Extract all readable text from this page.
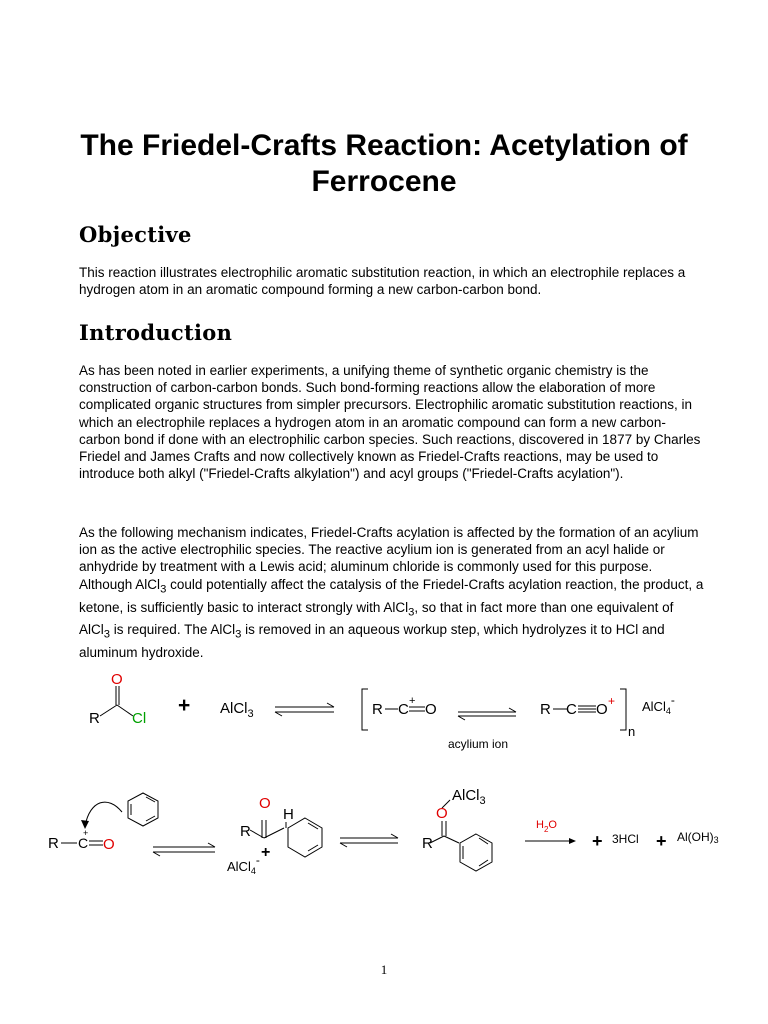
The Friedel-Crafts Reaction: Acetylation of Ferrocene
Objective

This reaction illustrates electrophilic aromatic substitution reaction, in which an electrophile replaces a hydrogen atom in an aromatic compound forming a new carbon-carbon bond.

Introduction

As has been noted in earlier experiments, a unifying theme of synthetic organic chemistry is the construction of carbon-carbon bonds. Such bond-forming reactions allow the elaboration of more complicated organic structures from simpler precursors. Electrophilic aromatic substitution reactions, in which an electrophile replaces a hydrogen atom in an aromatic compound can form a new carbon-carbon bond if done with an electrophilic carbon species. Such reactions, discovered in 1877 by Charles Friedel and James Crafts and now collectively known as Friedel-Crafts reactions, may be used to introduce both alkyl ("Friedel-Crafts alkylation") and acyl groups ("Friedel-Crafts acylation").

As the following mechanism indicates, Friedel-Crafts acylation is affected by the formation of an acylium ion as the active electrophilic species. The reactive acylium ion is generated from an acyl halide or anhydride by treatment with a Lewis acid; aluminum chloride is commonly used for this purpose. Although AlCl$_3$ could potentially affect the catalysis of the Friedel-Crafts acylation reaction, the product, a ketone, is sufficiently basic to interact strongly with AlCl$_3$, so that in fact more than one equivalent of AlCl$_3$ is required. The AlCl$_3$ is removed in an aqueous workup step, which hydrolyzes it to HCl and aluminum hydroxide.

R
O
Cl
+ AlCl$_3$	R C + O	R C O +
n
AlCl$_4$-
acylium ion
R
+
C O
O
R
H
+
AlCl$_4$-
AlCl$_3$
O
R
$H_2O$
+ 3HCl + Al(OH)3
1
